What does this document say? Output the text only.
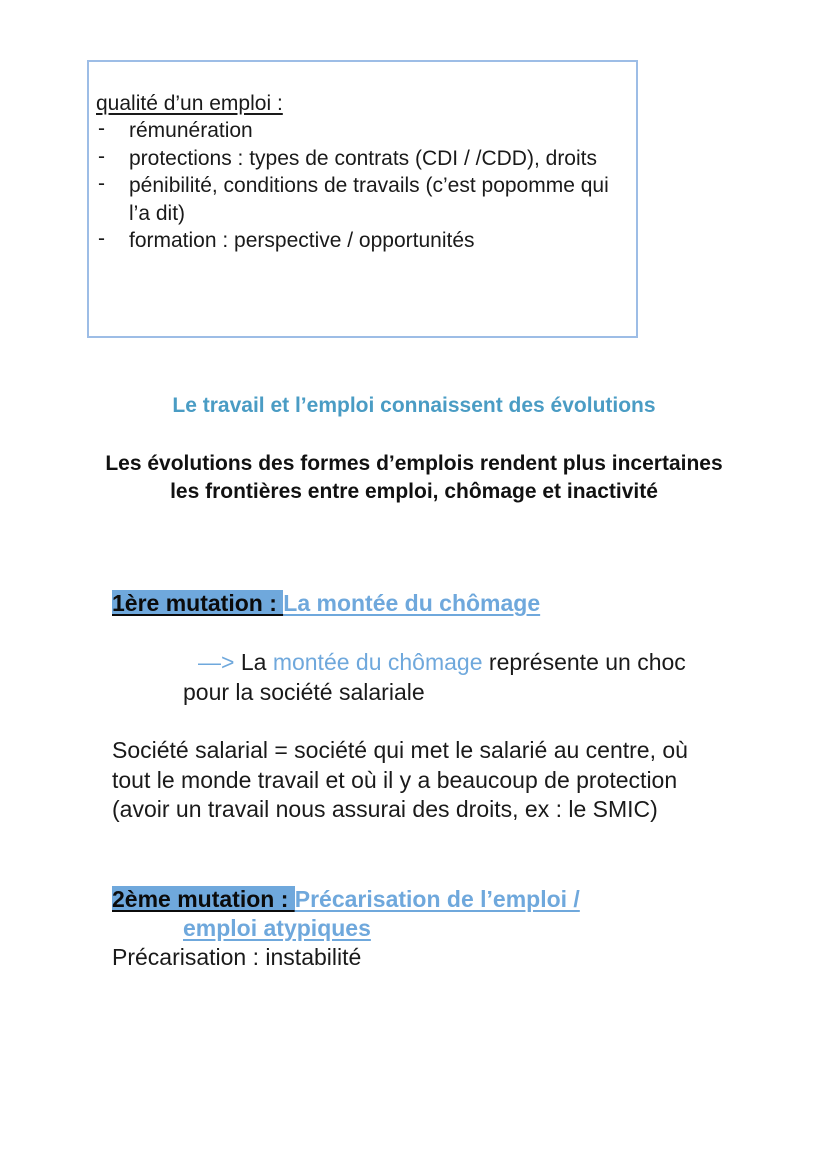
qualité d’un emploi :
- rémunération
- protections : types de contrats (CDI / /CDD), droits
- pénibilité, conditions de travails (c’est popomme qui l’a dit)
- formation : perspective / opportunités
Le travail et l’emploi connaissent des évolutions
Les évolutions des formes d’emplois rendent plus incertaines les frontières entre emploi, chômage et inactivité
1ère mutation : La montée du chômage
—> La montée du chômage représente un choc pour la société salariale
Société salarial = société qui met le salarié au centre, où tout le monde travail et où il y a beaucoup de protection (avoir un travail nous assurai des droits, ex : le SMIC)
2ème mutation : Précarisation de l’emploi /
emploi atypiques
Précarisation : instabilité
